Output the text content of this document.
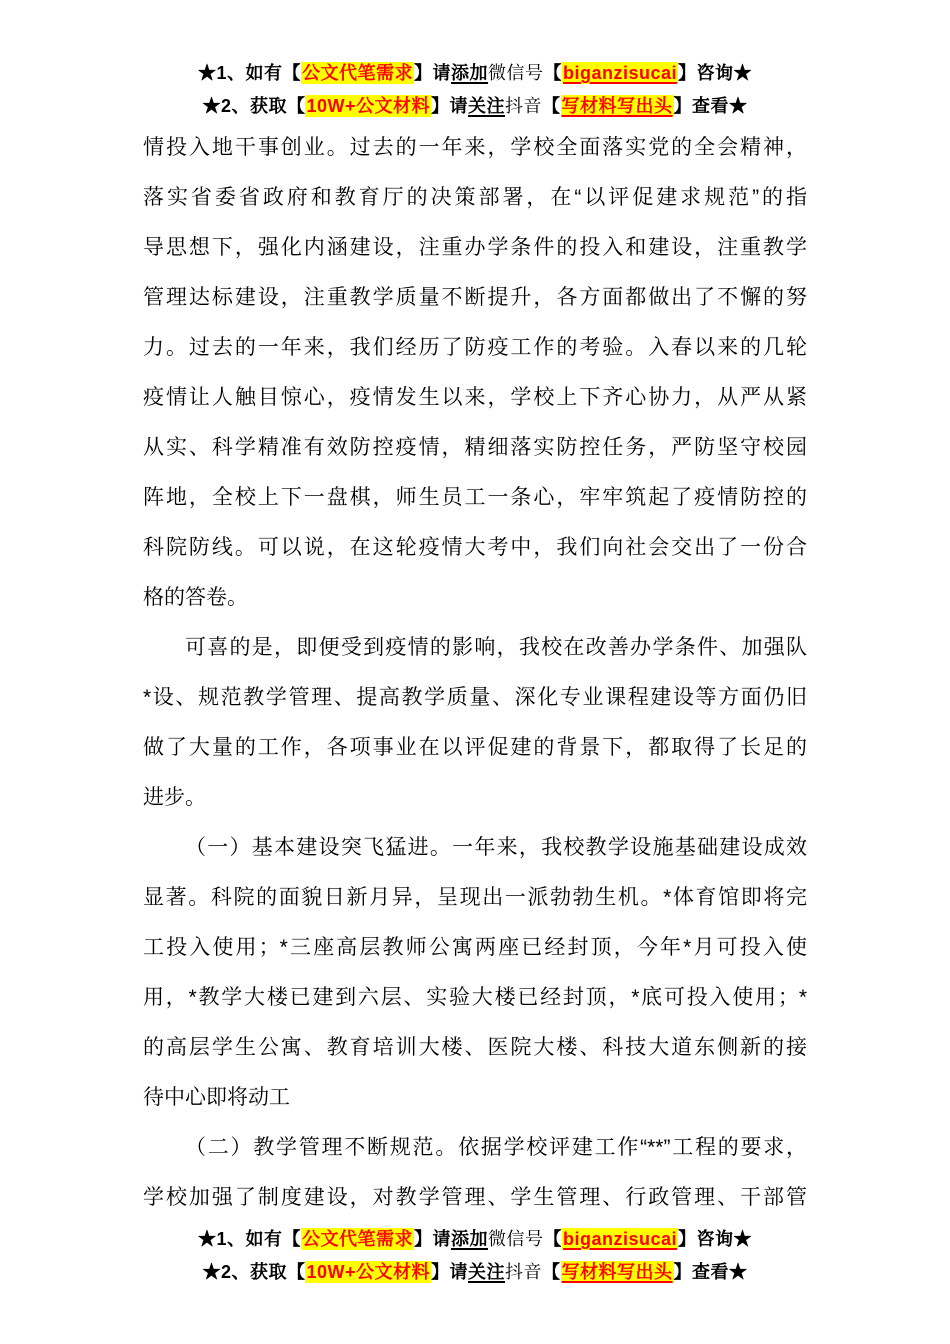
★1、如有【公文代笔需求】请添加微信号【biganzisucai】咨询★
★2、获取【10W+公文材料】请关注抖音【写材料写出头】查看★
情投入地干事创业。过去的一年来，学校全面落实党的全会精神，
落实省委省政府和教育厅的决策部署，在“以评促建求规范”的指
导思想下，强化内涵建设，注重办学条件的投入和建设，注重教学
管理达标建设，注重教学质量不断提升，各方面都做出了不懈的努
力。过去的一年来，我们经历了防疫工作的考验。入春以来的几轮
疫情让人触目惊心，疫情发生以来，学校上下齐心协力，从严从紧
从实、科学精准有效防控疫情，精细落实防控任务，严防坚守校园
阵地，全校上下一盘棋，师生员工一条心，牢牢筑起了疫情防控的
科院防线。可以说，在这轮疫情大考中，我们向社会交出了一份合
格的答卷。
可喜的是，即便受到疫情的影响，我校在改善办学条件、加强队
*设、规范教学管理、提高教学质量、深化专业课程建设等方面仍旧
做了大量的工作，各项事业在以评促建的背景下，都取得了长足的
进步。
（一）基本建设突飞猛进。一年来，我校教学设施基础建设成效
显著。科院的面貌日新月异，呈现出一派勃勃生机。*体育馆即将完
工投入使用；*三座高层教师公寓两座已经封顶，今年*月可投入使
用，*教学大楼已建到六层、实验大楼已经封顶，*底可投入使用；*
的高层学生公寓、教育培训大楼、医院大楼、科技大道东侧新的接
待中心即将动工
（二）教学管理不断规范。依据学校评建工作“**”工程的要求，
学校加强了制度建设，对教学管理、学生管理、行政管理、干部管
★1、如有【公文代笔需求】请添加微信号【biganzisucai】咨询★
★2、获取【10W+公文材料】请关注抖音【写材料写出头】查看★
